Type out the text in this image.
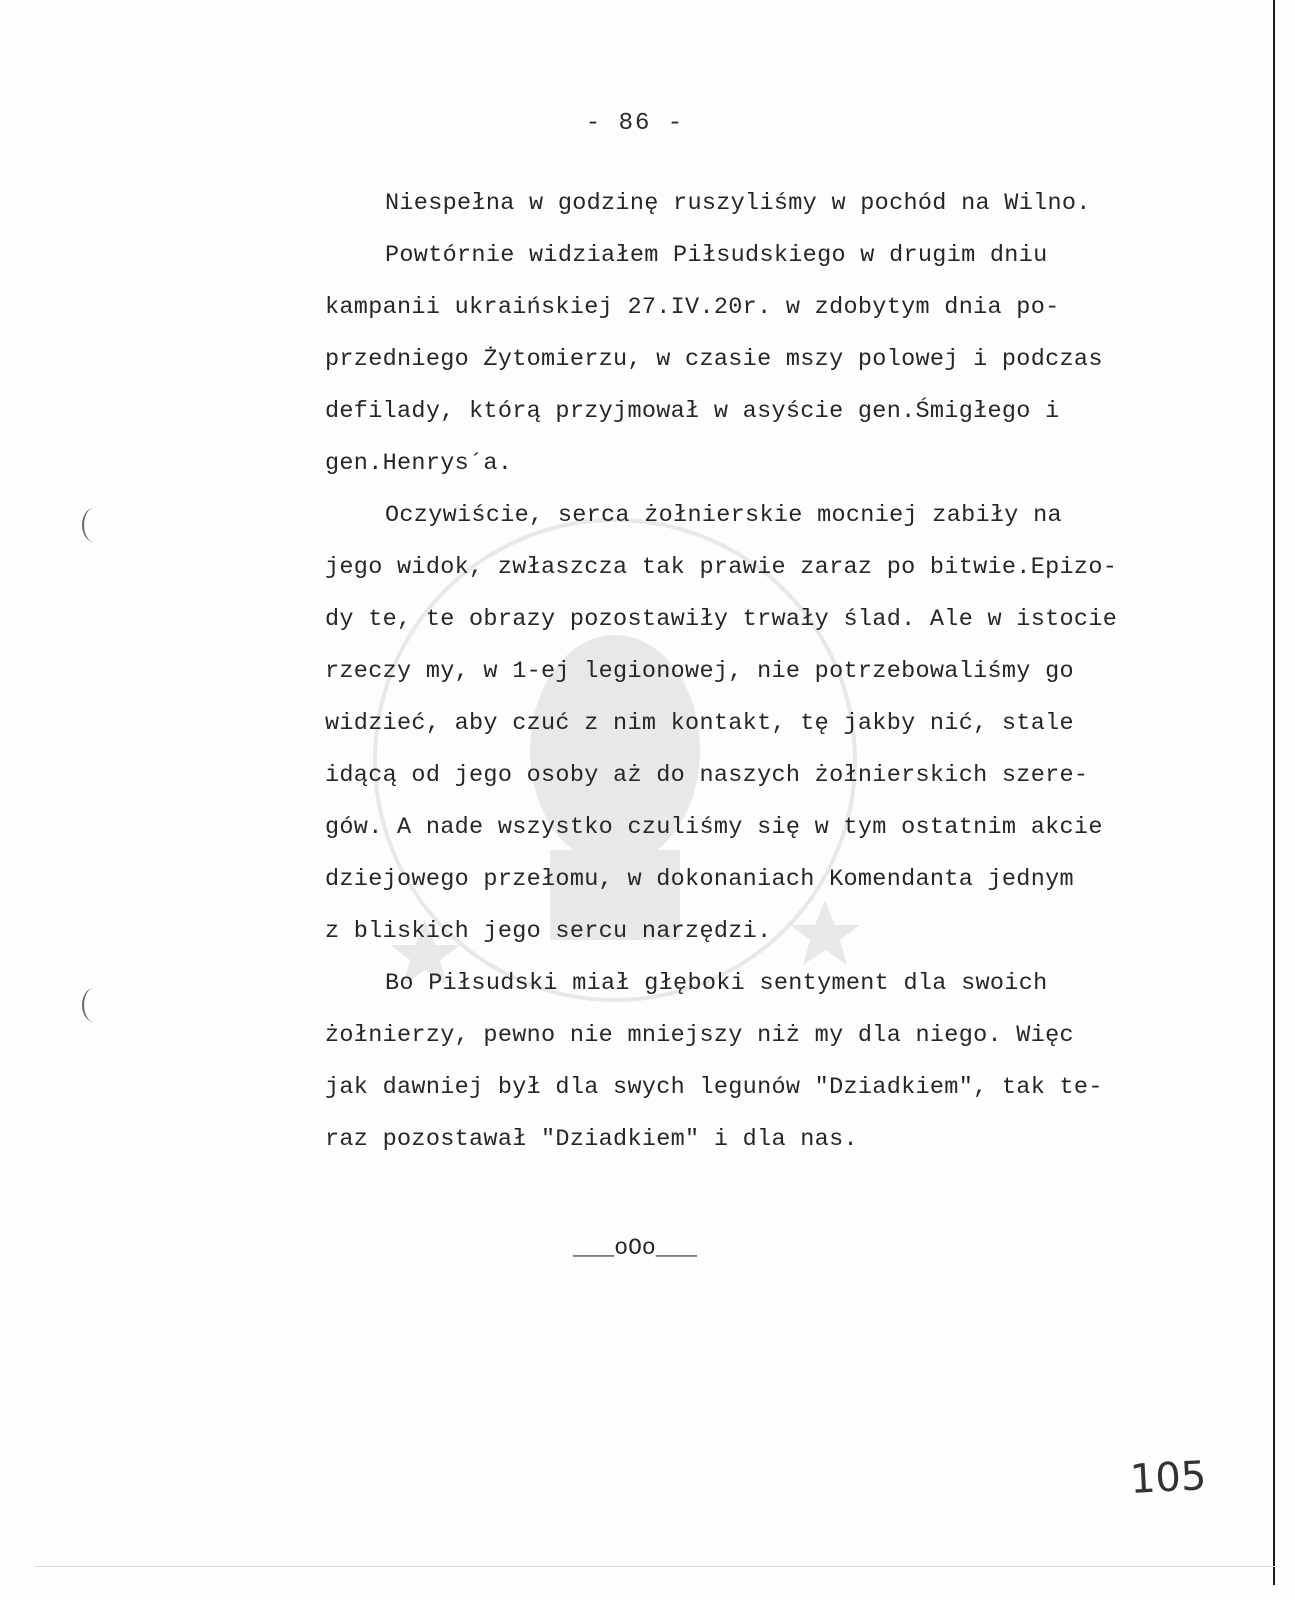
- 86 -
Niespełna w godzinę ruszyliśmy w pochód na Wilno.
Powtórnie widziałem Piłsudskiego w drugim dniu
kampanii ukraińskiej 27.IV.20r. w zdobytym dnia po-
przedniego Żytomierzu, w czasie mszy polowej i podczas
defilady, którą przyjmował w asyście gen.Śmigłego i
gen.Henrys´a.
Oczywiście, serca żołnierskie mocniej zabiły na
jego widok, zwłaszcza tak prawie zaraz po bitwie.Epizo-
dy te, te obrazy pozostawiły trwały ślad. Ale w istocie
rzeczy my, w 1-ej legionowej, nie potrzebowaliśmy go
widzieć, aby czuć z nim kontakt, tę jakby nić, stale
idącą od jego osoby aż do naszych żołnierskich szere-
gów. A nade wszystko czuliśmy się w tym ostatnim akcie
dziejowego przełomu, w dokonaniach Komendanta jednym
z bliskich jego sercu narzędzi.
Bo Piłsudski miał głęboki sentyment dla swoich
żołnierzy, pewno nie mniejszy niż my dla niego. Więc
jak dawniej był dla swych legunów "Dziadkiem", tak te-
raz pozostawał "Dziadkiem" i dla nas.
___oOo___
105
